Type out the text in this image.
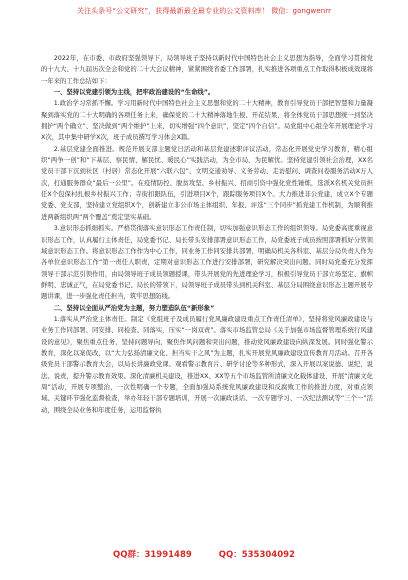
关注头条号“公文研究”，获得最新最全最专业的公文资料库！ 微信：gongwenrr

2022年，在市委、市政府坚强领导下，局领导班子坚持以新时代中国特色社会主义思想为指导，全面学习贯彻党的十九大、十九届历次全会和党的二十大会议精神，紧紧围绕省委工作部署，扎实推进各项重点工作取得积极成效现将一年来的工作总结如下：

一、坚持以党建引领为主线，把牢政治建设的“生命线”。

1.政治学习常抓不懈。学习用新时代中国特色社会主义思想和党的二十大精神，教育引导党员干部把智慧和力量凝聚到落实党的二十大明确的各项任务上来，确保党的二十大精神落地生根、开花结果，将全体党员干部思想统一到坚决拥护“两个确立”、坚决做到“两个维护”上来，切实增强“四个意识”，坚定“四个自信”。局党组中心组全年开展理论学习X次，其中集中研学X次，班子成员撰写学习体会X篇。

2.基层党建全面推进。规范开展支部主题党日活动和基层党建述职评议活动，常态化开展党史学习教育，精心组织“两争一创”和“下基层、察民情、解民忧、暖民心”实践活动，为全市局、为民解忧。坚持党建引领社会治理，XX名党员干部下沉到社区（村居）常态化开展“六联六包”、文明交通劝导、义务劳动、走访慰问、调查问卷服务活动X万人次，打通服务群众“最后一公里”。在疫情防控、脱贫攻坚、乡村振兴、招商引资中强化党性锤炼，选派X名机关党员担任X个包保村扎根乡村振兴工作；寺街扣跟队伍，引进项目X个，跟踪服务项目X个。大力推进非公党建，成立X个专题党委、党支部，坚持建立党组织X个，创新建立非公市场主体组织、年报、评选“三个同步”抓党建工作机制，为顺利推进两新组织两“两个覆盖”奠定坚实基础。

3.意识形态抓细抓实。严格贯彻落实意识形态工作责任制，切实加强意识形态工作的组织领导。局党委高度重视意识形态工作，认真履行主体责任，局党委书记、局长带头安排部署意识形态工作，局党委班子成员按照部署抓好分管领域意识形态工作。将意识形态工作作为中心工作，同业务工作同安排共部署，明确局机关各科室、基层分局负责人作为各单位意识形态工作“第一责任人职责，定期对意识形态工作进行安排部署，研究解决突出问题。同时局党委充分发挥领导干部示范引领作用，由局领导班子成员领题授课，带头开展党的先进理论学习，积极引导党员干部立场坚定、旗帜鲜明、忠诚正气，在局党委书记、局长的带领下，局领导班子成员带头到机关科室、基层分局围绕意识形态主题开展专题讲课，进一步强化责任担当，筑牢思想防线。

二、坚持以全面从严治党为主题，努力塑造队伍“新形象”

1.落实从严治党主体责任。制定《党组班子及成员履行党风廉政建设重点工作责任清单》，坚持将党风廉政建设与业务工作同部署、同安排、同检查、同落实，压实“一岗双责”。落实市场监管总局《关于加强市场监督管理系统行风建设的意见》，聚焦重点任务，坚持问题导向，聚焦作风问题和突出问题，推动党风廉政建设向纵深发展。同时强化警示教育，深化以案促改，以“大力弘扬清廉文化、担当实干之风”为主题，扎实开展党风廉政建设宣传教育月活动。召开各级党员干部警示教育大会，以局长讲廉政党课、观看警示教育片、研学讨论等多种形式，深入开展以案说德、说纪、说法、说责，提升警示教育效果。深化清廉机关建设，推进XX、XX等五个市场监管所清廉文化载体建设，开展“清廉文化周”活动，开展专项整治，一次性明确一个专题，全面加强局系统党风廉政建设和反腐败工作的推进力度，对重点领域、关键环节强化监督检查，举办年轻干部专题培训，开展一次廉政谈话、一次专题学习、一次纪法测试等“三个一”活动，围绕全局业务和年度任务，运用监督执

QQ群：31991489	QQ：535304092
